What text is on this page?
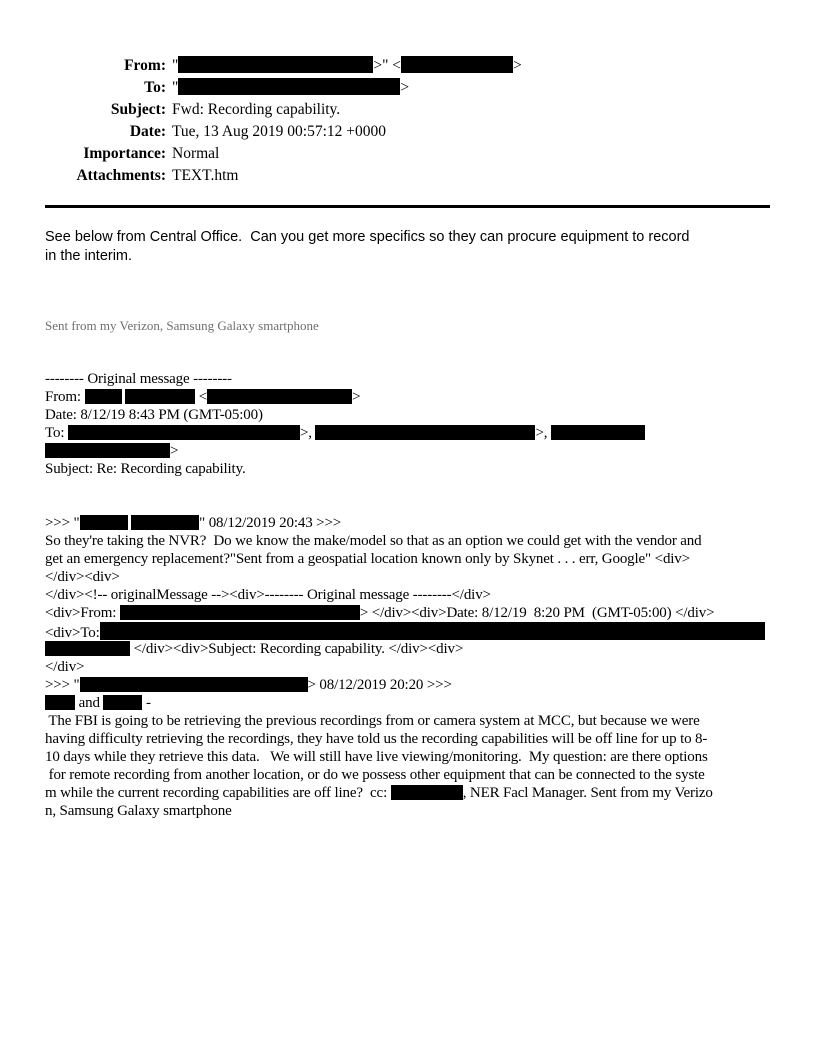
From: "	>" <	>
To: "	>
Subject: Fwd: Recording capability.
Date: Tue, 13 Aug 2019 00:57:12 +0000
Importance: Normal
Attachments: TEXT.htm
See below from Central Office.  Can you get more specifics so they can procure equipment to record
in the interim.
Sent from my Verizon, Samsung Galaxy smartphone
-------- Original message --------
From:	<	>
Date: 8/12/19 8:43 PM (GMT-05:00)
To:	>,	>,
>
Subject: Re: Recording capability.
>>> "	" 08/12/2019 20:43 >>>
So they're taking the NVR?  Do we know the make/model so that as an option we could get with the vendor and
get an emergency replacement?"Sent from a geospatial location known only by Skynet . . . err, Google" <div>
</div><div>
</div><!-- originalMessage --><div>-------- Original message --------</div>
<div>From:	> </div><div>Date: 8/12/19  8:20 PM  (GMT-05:00) </div>
<div>To:
</div><div>Subject: Recording capability. </div><div>
</div>
>>> "	> 08/12/2019 20:20 >>>
and	-
The FBI is going to be retrieving the previous recordings from or camera system at MCC, but because we were
having difficulty retrieving the recordings, they have told us the recording capabilities will be off line for up to 8-
10 days while they retrieve this data.   We will still have live viewing/monitoring.  My question: are there options
for remote recording from another location, or do we possess other equipment that can be connected to the syste
m while the current recording capabilities are off line?  cc:	, NER Facl Manager. Sent from my Verizo
n, Samsung Galaxy smartphone
